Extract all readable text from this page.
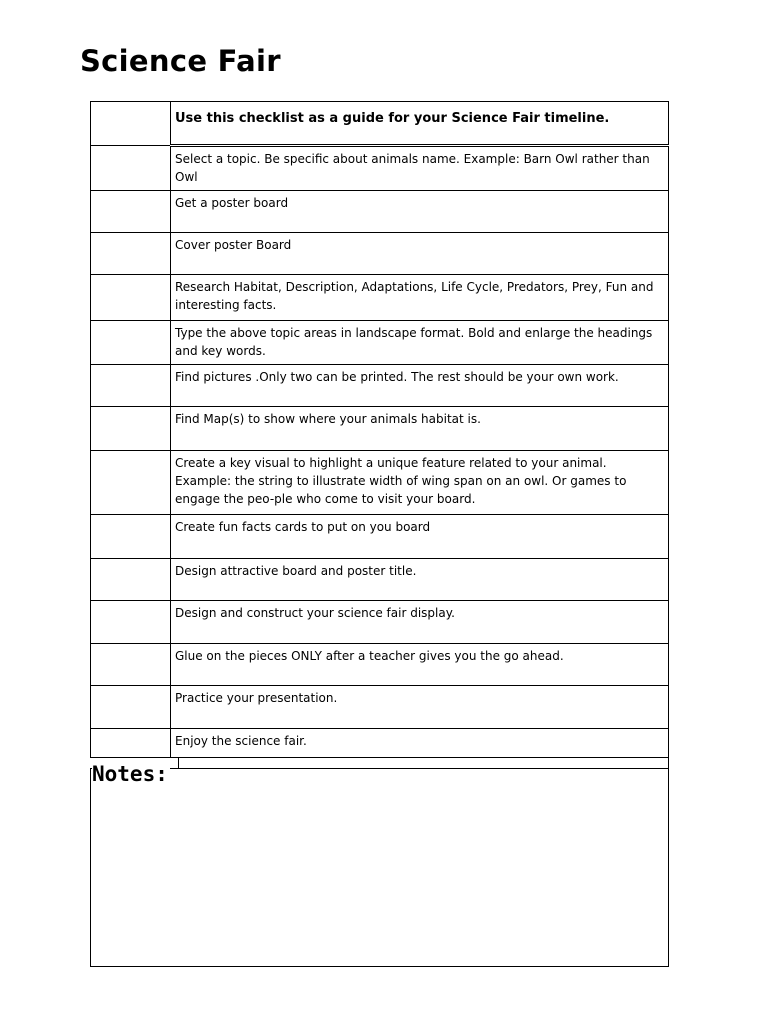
Science Fair
	Use this checklist as a guide for your Science Fair timeline.
	Select a topic. Be specific about animals name. Example: Barn Owl rather than Owl
	Get a poster board
	Cover poster Board
	Research Habitat, Description, Adaptations, Life Cycle, Predators, Prey, Fun and interesting facts.
	Type the above topic areas in landscape format. Bold and enlarge the headings and key words.
	Find pictures .Only two can be printed. The rest should be your own work.
	Find Map(s) to show where your animals habitat is.
	Create a key visual to highlight a unique feature related to your animal. Example: the string to illustrate width of wing span on an owl. Or games to engage the peo-ple who come to visit your board.
	Create fun facts cards to put on you board
	Design attractive board and poster title.
	Design and construct your science fair display.
	Glue on the pieces ONLY after a teacher gives you the go ahead.
	Practice your presentation.
	Enjoy the science fair.
Notes:
